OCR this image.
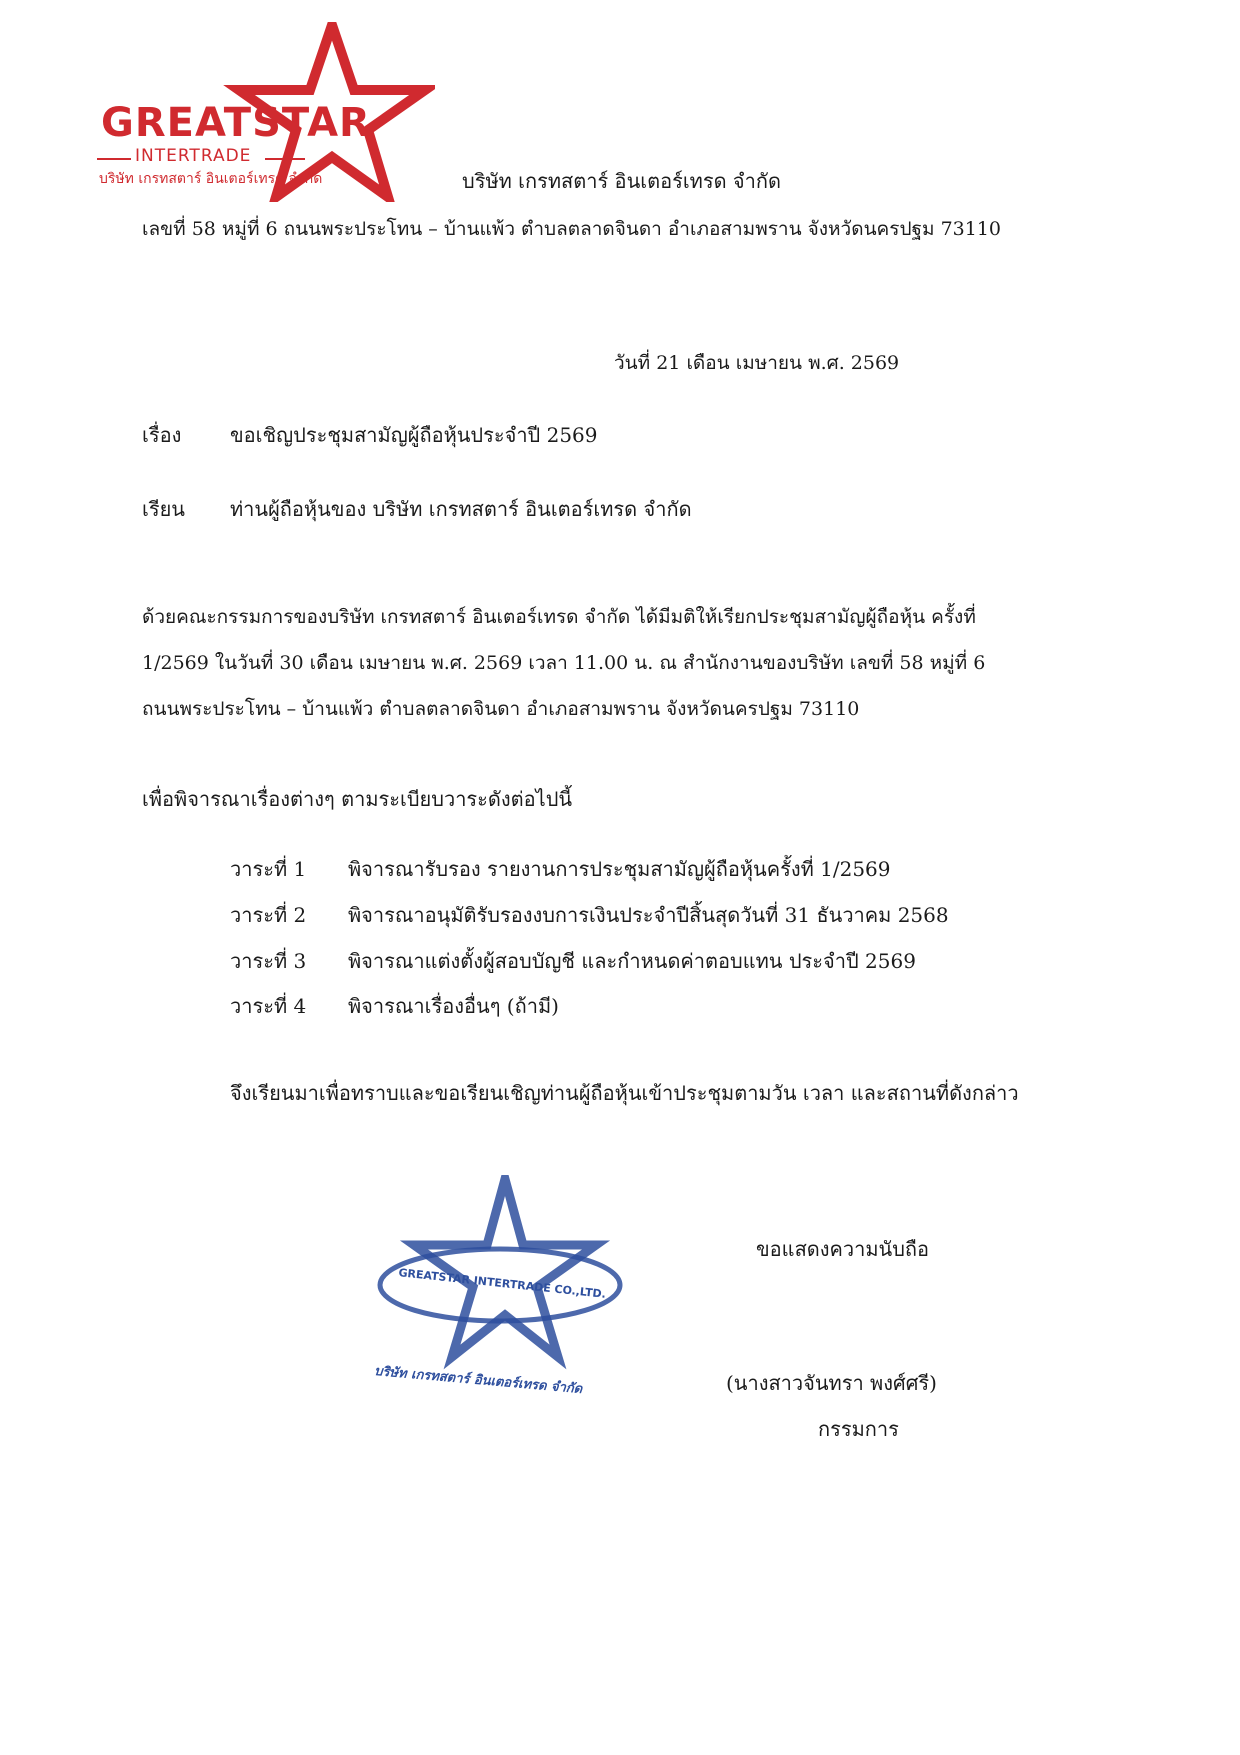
GREATSTAR
INTERTRADE
บริษัท เกรทสตาร์ อินเตอร์เทรด จำกัด	บริษัท เกรทสตาร์ อินเตอร์เทรด จำกัด
เลขที่ 58 หมู่ที่ 6 ถนนพระประโทน – บ้านแพ้ว ตำบลตลาดจินดา อำเภอสามพราน จังหวัดนครปฐม 73110
วันที่ 21 เดือน เมษายน พ.ศ. 2569
เรื่อง ขอเชิญประชุมสามัญผู้ถือหุ้นประจำปี 2569
เรียน ท่านผู้ถือหุ้นของ บริษัท เกรทสตาร์ อินเตอร์เทรด จำกัด
ด้วยคณะกรรมการของบริษัท เกรทสตาร์ อินเตอร์เทรด จำกัด ได้มีมติให้เรียกประชุมสามัญผู้ถือหุ้น ครั้งที่
1/2569 ในวันที่ 30 เดือน เมษายน พ.ศ. 2569 เวลา 11.00 น. ณ สำนักงานของบริษัท เลขที่ 58 หมู่ที่ 6
ถนนพระประโทน – บ้านแพ้ว ตำบลตลาดจินดา อำเภอสามพราน จังหวัดนครปฐม 73110
เพื่อพิจารณาเรื่องต่างๆ ตามระเบียบวาระดังต่อไปนี้
วาระที่ 1 พิจารณารับรอง รายงานการประชุมสามัญผู้ถือหุ้นครั้งที่ 1/2569
วาระที่ 2 พิจารณาอนุมัติรับรองงบการเงินประจำปีสิ้นสุดวันที่ 31 ธันวาคม 2568
วาระที่ 3 พิจารณาแต่งตั้งผู้สอบบัญชี และกำหนดค่าตอบแทน ประจำปี 2569
วาระที่ 4 พิจารณาเรื่องอื่นๆ (ถ้ามี)
จึงเรียนมาเพื่อทราบและขอเรียนเชิญท่านผู้ถือหุ้นเข้าประชุมตามวัน เวลา และสถานที่ดังกล่าว
GREATSTAR INTERTRADE CO.,LTD.
บริษัท เกรทสตาร์ อินเตอร์เทรด จำกัด
ขอแสดงความนับถือ
(นางสาวจันทรา พงศ์ศรี)
กรรมการ
